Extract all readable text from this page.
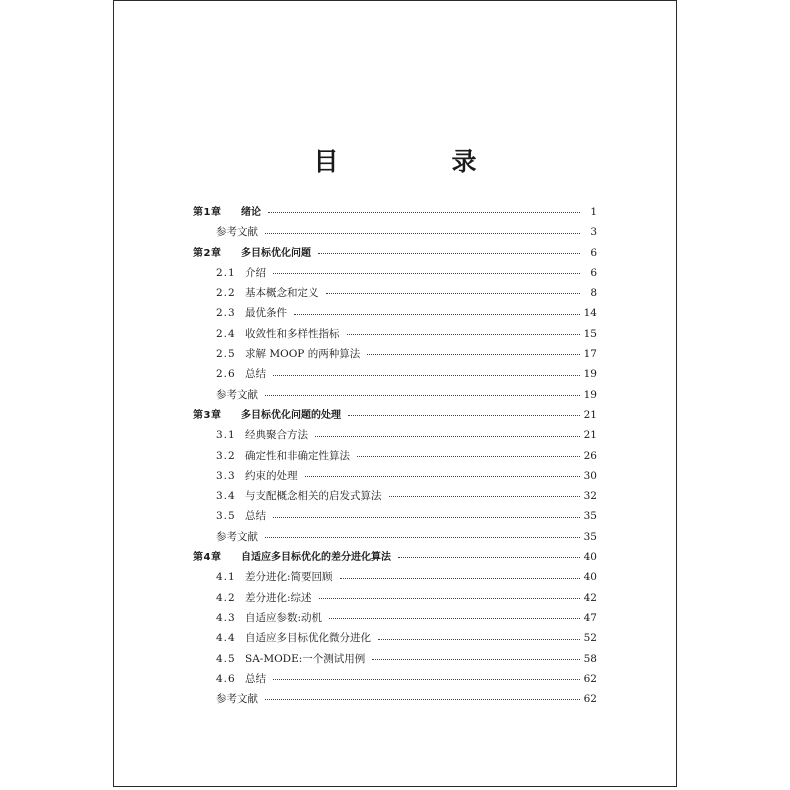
目　录
第1章	绪论	1
参考文献	3
第2章	多目标优化问题	6
2.1 介绍	6
2.2 基本概念和定义	8
2.3 最优条件	14
2.4 收敛性和多样性指标	15
2.5 求解 MOOP 的两种算法	17
2.6 总结	19
参考文献	19
第3章	多目标优化问题的处理	21
3.1 经典聚合方法	21
3.2 确定性和非确定性算法	26
3.3 约束的处理	30
3.4 与支配概念相关的启发式算法	32
3.5 总结	35
参考文献	35
第4章	自适应多目标优化的差分进化算法	40
4.1 差分进化:简要回顾	40
4.2 差分进化:综述	42
4.3 自适应参数:动机	47
4.4 自适应多目标优化微分进化	52
4.5 SA-MODE:一个测试用例	58
4.6 总结	62
参考文献	62
